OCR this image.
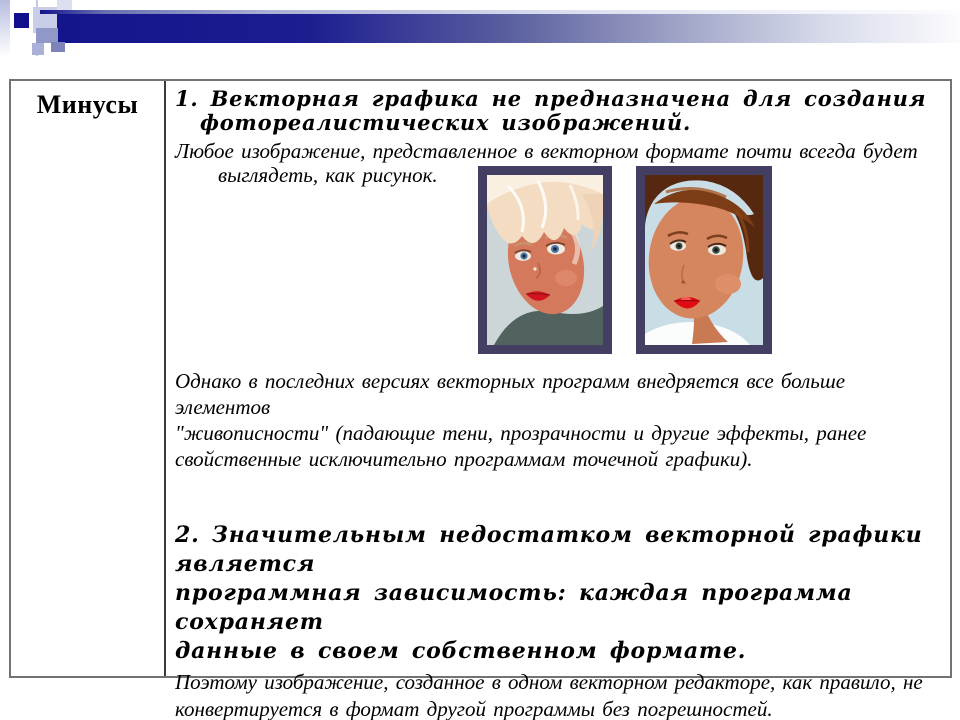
Минусы	1. Векторная графика не предназначена для создания
фотореалистических изображений.
Любое изображение, представленное в векторном формате почти всегда будет
выглядеть, как рисунок.
Однако в последних версиях векторных программ внедряется все больше элементов
"живописности" (падающие тени, прозрачности и другие эффекты, ранее
свойственные исключительно программам точечной графики).
2. Значительным недостатком векторной графики является
программная зависимость: каждая программа сохраняет
данные в своем собственном формате.
Поэтому изображение, созданное в одном векторном редакторе, как правило, не
конвертируется в формат другой программы без погрешностей.
